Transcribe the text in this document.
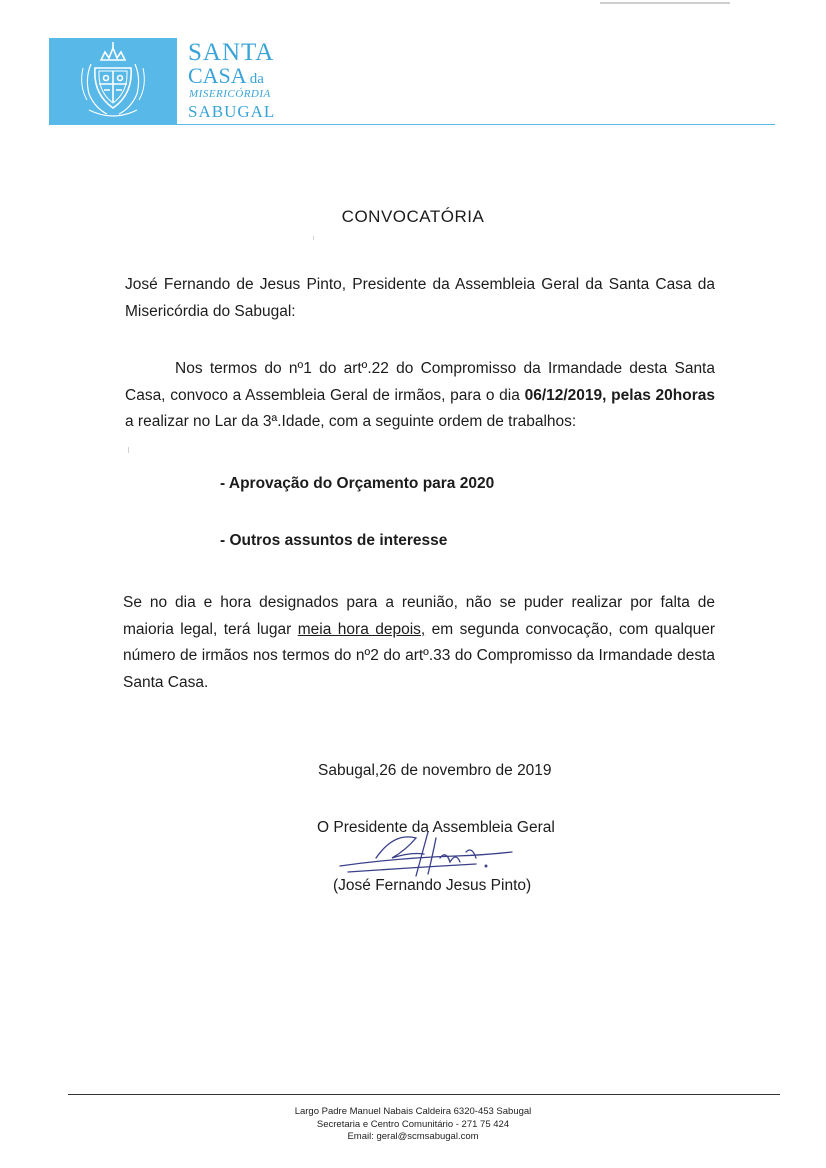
SANTA
CASA da
MISERICÓRDIA
SABUGAL
CONVOCATÓRIA
José Fernando de Jesus Pinto, Presidente da Assembleia Geral da Santa Casa da Misericórdia do Sabugal:
Nos termos do nº1 do artº.22 do Compromisso da Irmandade desta Santa Casa, convoco a Assembleia Geral de irmãos, para o dia 06/12/2019, pelas 20horas a realizar no Lar da 3ª.Idade, com a seguinte ordem de trabalhos:
- Aprovação do Orçamento para 2020
- Outros assuntos de interesse
Se no dia e hora designados para a reunião, não se puder realizar por falta de maioria legal, terá lugar meia hora depois, em segunda convocação, com qualquer número de irmãos nos termos do nº2 do artº.33 do Compromisso da Irmandade desta Santa Casa.
Sabugal,26 de novembro de 2019
O Presidente da Assembleia Geral
(José Fernando Jesus Pinto)
Largo Padre Manuel Nabais Caldeira 6320-453 Sabugal
Secretaria e Centro Comunitário - 271 75 424
Email: geral@scmsabugal.com
